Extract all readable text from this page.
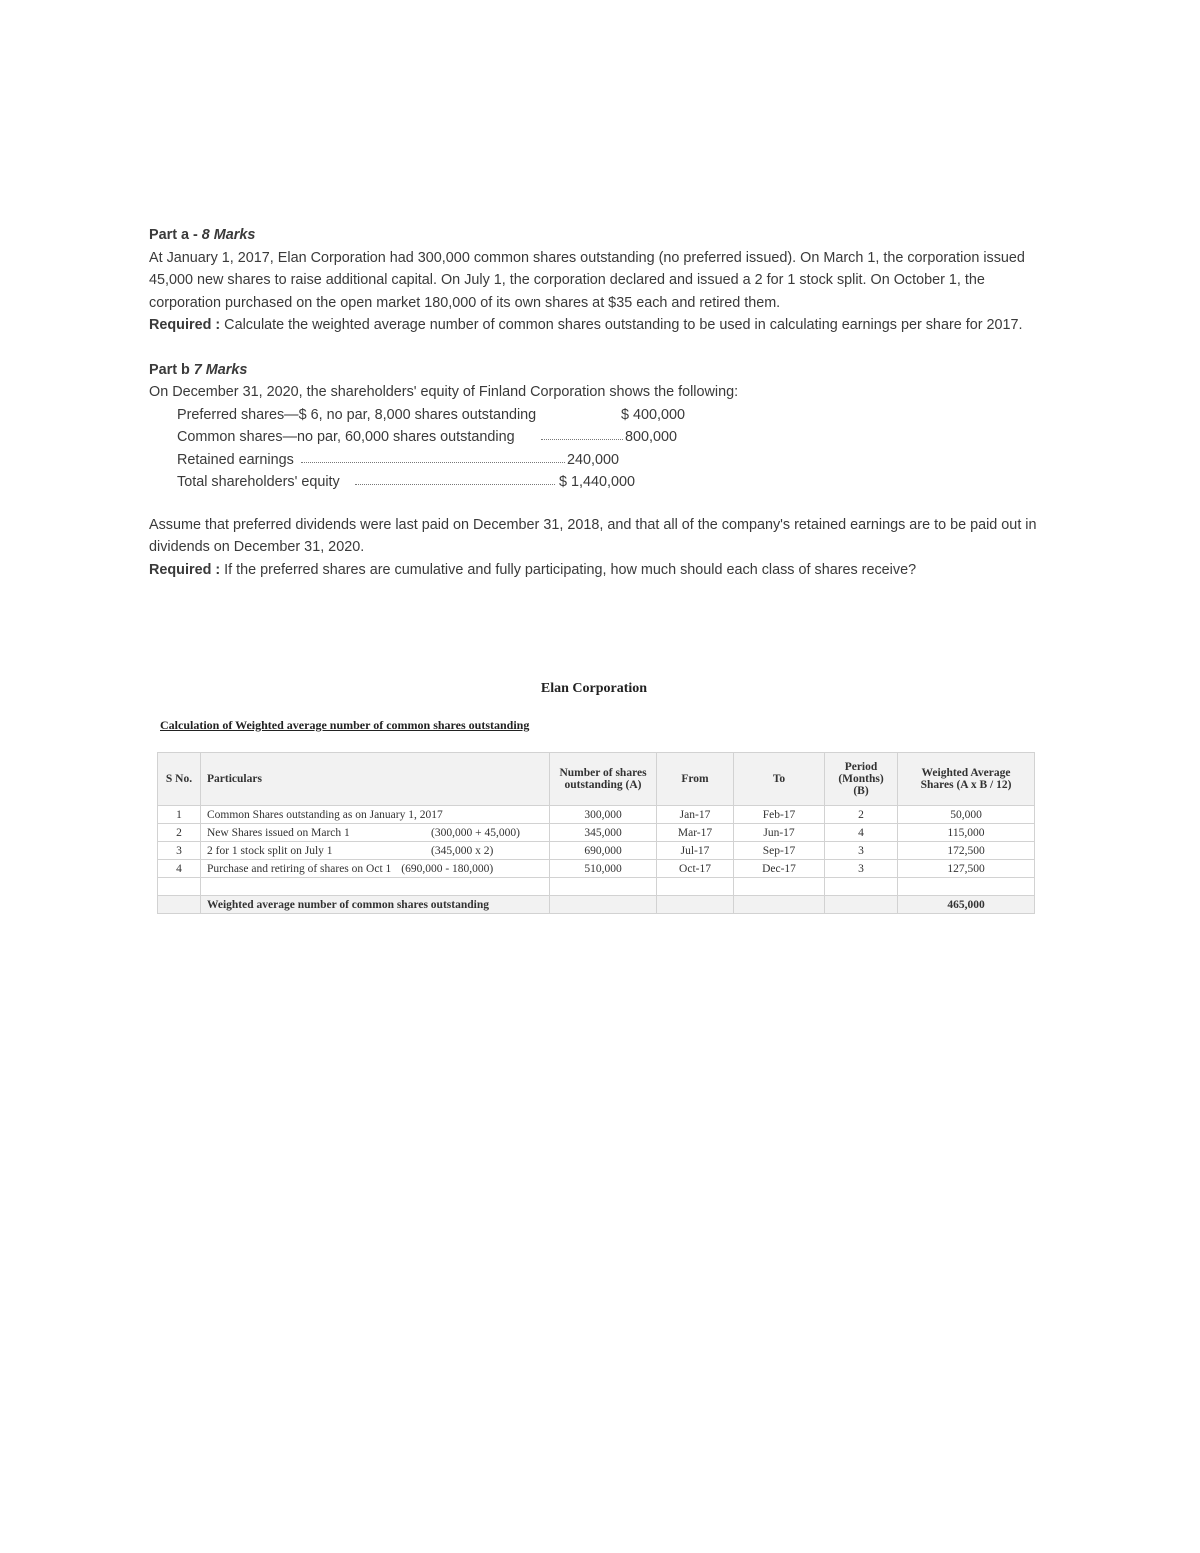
Part a - 8 Marks

At January 1, 2017, Elan Corporation had 300,000 common shares outstanding (no preferred issued). On March 1, the corporation issued 45,000 new shares to raise additional capital. On July 1, the corporation declared and issued a 2 for 1 stock split. On October 1, the corporation purchased on the open market 180,000 of its own shares at $35 each and retired them.

Required : Calculate the weighted average number of common shares outstanding to be used in calculating earnings per share for 2017.

Part b 7 Marks

On December 31, 2020, the shareholders' equity of Finland Corporation shows the following:

Preferred shares—$ 6, no par, 8,000 shares outstanding	$ 400,000
Common shares—no par, 60,000 shares outstanding	800,000
Retained earnings	240,000
Total shareholders' equity	$ 1,440,000

Assume that preferred dividends were last paid on December 31, 2018, and that all of the company's retained earnings are to be paid out in dividends on December 31, 2020.

Required : If the preferred shares are cumulative and fully participating, how much should each class of shares receive?

Elan Corporation
Calculation of Weighted average number of common shares outstanding
S No.	Particulars	Number of shares outstanding (A)	From	To	Period (Months) (B)	Weighted Average Shares (A x B / 12)
1	Common Shares outstanding as on January 1, 2017	300,000	Jan-17	Feb-17	2	50,000
2	New Shares issued on March 1 (300,000 + 45,000)	345,000	Mar-17	Jun-17	4	115,000
3	2 for 1 stock split on July 1 (345,000 x 2)	690,000	Jul-17	Sep-17	3	172,500
4	Purchase and retiring of shares on Oct 1 (690,000 - 180,000)	510,000	Oct-17	Dec-17	3	127,500

	Weighted average number of common shares outstanding					465,000
